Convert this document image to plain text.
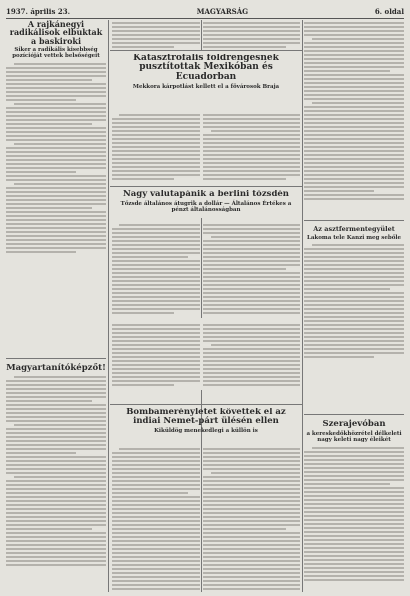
1937. április 23.	MAGYARSÁG	6. oldal
A rajkánegyi radikálisok elbuktak a baskiroki
Siker a radikális kisebbség pozícióját vettek belsőségeit
Magyartanítóképzőt!
Katasztrófális földrengésnek pusztítottak Mexikóban és Ecuadorban
Mekkora kárpotlást kellett el a fővárosok Braja
Nagy valutapánik a berlini tőzsdén
Tőzsde általános átugrik a dollár — Általános Értékes a pénzt általánosságban
Bombamerényletet követtek el az indiai Nemet-párt ülésén ellen
Kiküldög menekedlegi a küllön is
Az asztfermentegyület
Lakoma tele Kanzi meg sebőle
Szerajevóban
a kereskedőkhözrétel délkeleti nagy keleti nagy éleikét
